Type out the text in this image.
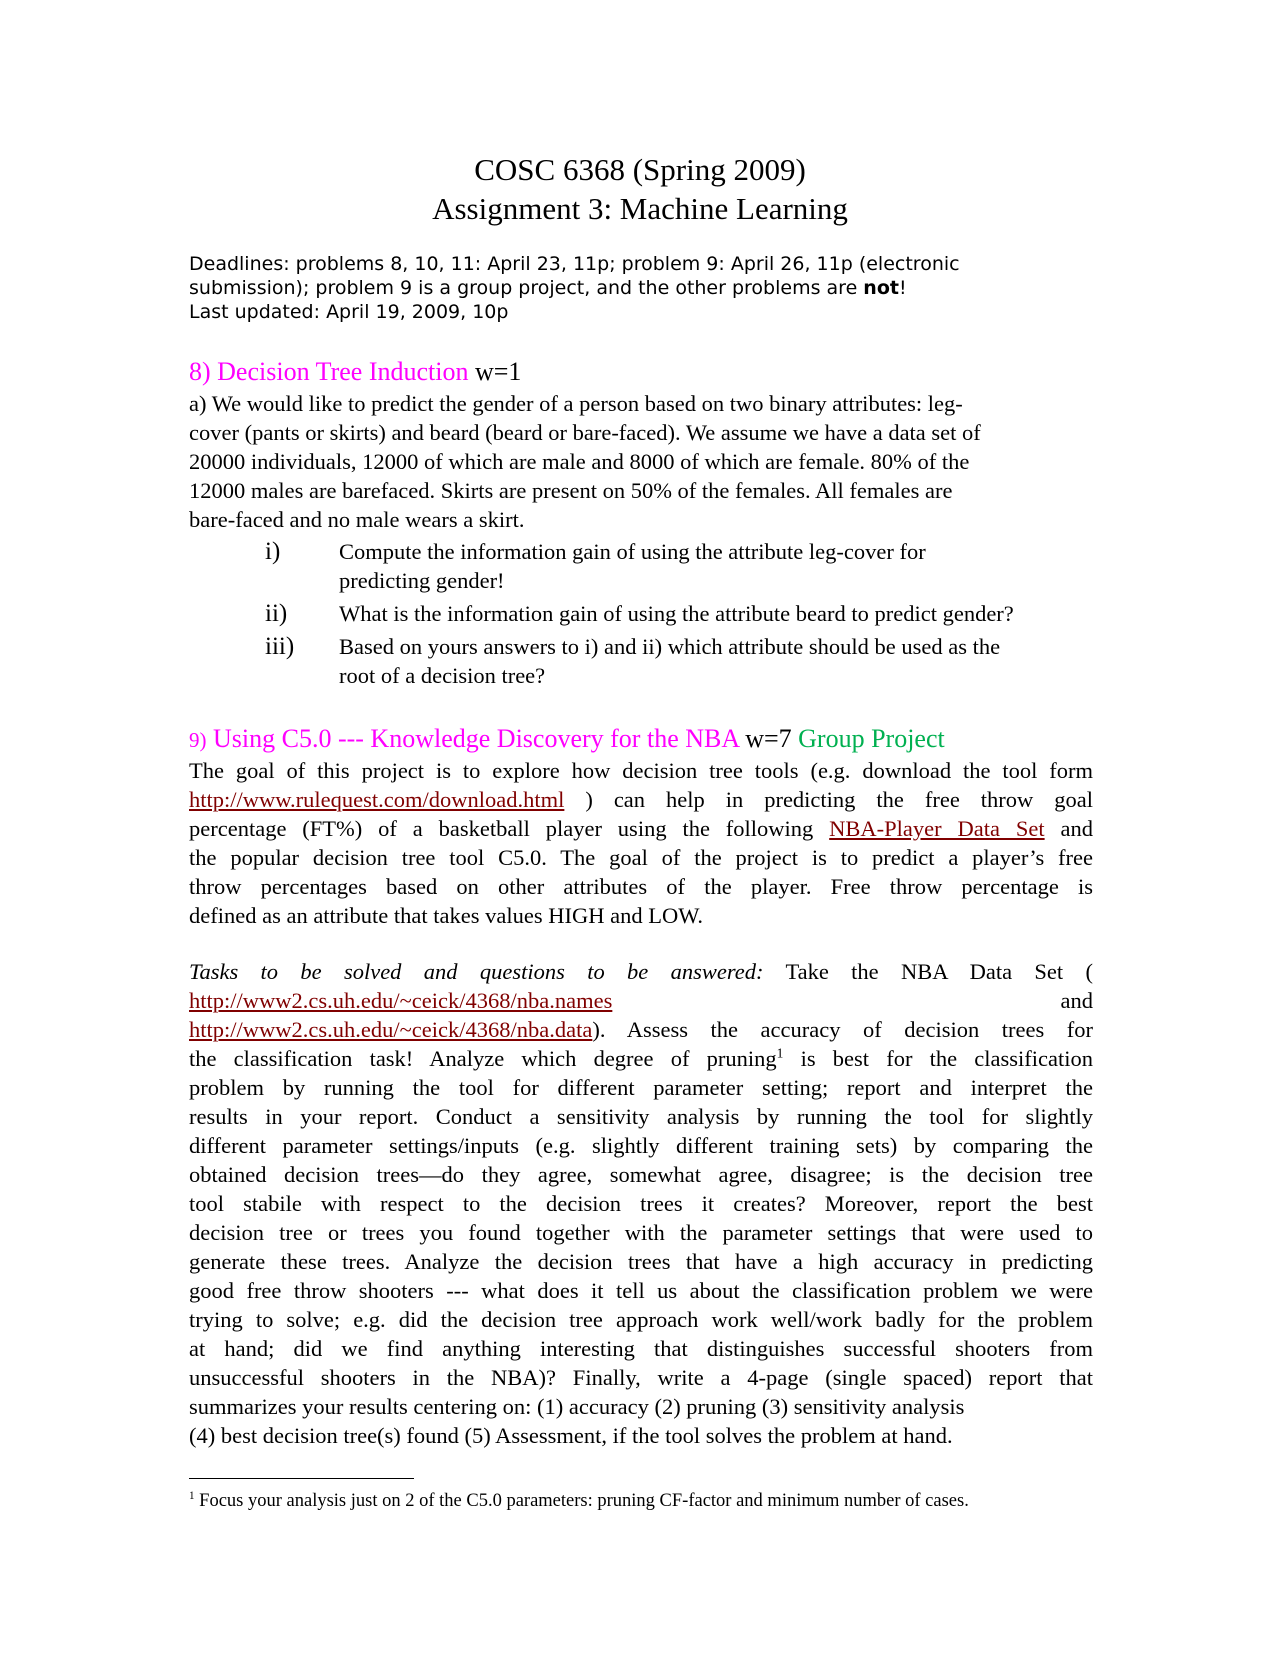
COSC 6368 (Spring 2009)
Assignment 3: Machine Learning
Deadlines: problems 8, 10, 11: April 23, 11p; problem 9: April 26, 11p (electronic
submission); problem 9 is a group project, and the other problems are not!
Last updated: April 19, 2009, 10p
8) Decision Tree Induction w=1
a) We would like to predict the gender of a person based on two binary attributes: leg-
cover (pants or skirts) and beard (beard or bare-faced). We assume we have a data set of
20000 individuals, 12000 of which are male and 8000 of which are female. 80% of the
12000 males are barefaced. Skirts are present on 50% of the females. All females are
bare-faced and no male wears a skirt.
i)	Compute the information gain of using the attribute leg-cover for
predicting gender!
ii) What is the information gain of using the attribute beard to predict gender?
iii) Based on yours answers to i) and ii) which attribute should be used as the
root of a decision tree?
9) Using C5.0 --- Knowledge Discovery for the NBA w=7 Group Project
The goal of this project is to explore how decision tree tools (e.g. download the tool form
http://www.rulequest.com/download.html ) can help in predicting the free throw goal
percentage (FT%) of a basketball player using the following NBA-Player Data Set and
the popular decision tree tool C5.0. The goal of the project is to predict a player’s free
throw percentages based on other attributes of the player. Free throw percentage is
defined as an attribute that takes values HIGH and LOW.
Tasks to be solved and questions to be answered: Take the NBA Data Set (
http://www2.cs.uh.edu/~ceick/4368/nba.names	and
http://www2.cs.uh.edu/~ceick/4368/nba.data). Assess the accuracy of decision trees for
the classification task! Analyze which degree of pruning$^1$ is best for the classification
problem by running the tool for different parameter setting; report and interpret the
results in your report. Conduct a sensitivity analysis by running the tool for slightly
different parameter settings/inputs (e.g. slightly different training sets) by comparing the
obtained decision trees—do they agree, somewhat agree, disagree; is the decision tree
tool stabile with respect to the decision trees it creates? Moreover, report the best
decision tree or trees you found together with the parameter settings that were used to
generate these trees. Analyze the decision trees that have a high accuracy in predicting
good free throw shooters --- what does it tell us about the classification problem we were
trying to solve; e.g. did the decision tree approach work well/work badly for the problem
at hand; did we find anything interesting that distinguishes successful shooters from
unsuccessful shooters in the NBA)? Finally, write a 4-page (single spaced) report that
summarizes your results centering on: (1) accuracy (2) pruning (3) sensitivity analysis
(4) best decision tree(s) found (5) Assessment, if the tool solves the problem at hand.
$^1$ Focus your analysis just on 2 of the C5.0 parameters: pruning CF-factor and minimum number of cases.
